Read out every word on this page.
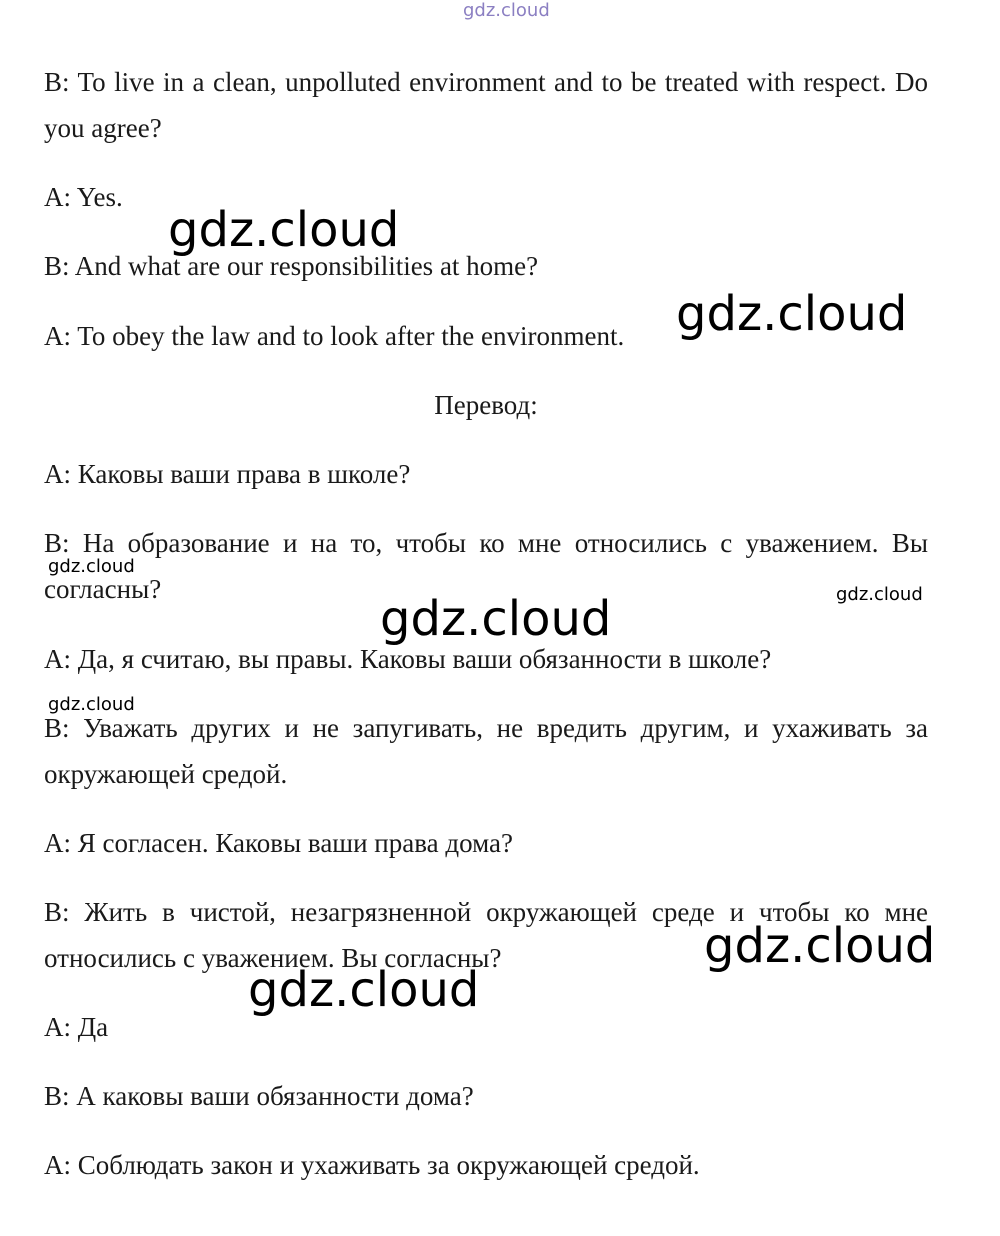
B: To live in a clean, unpolluted environment and to be treated with respect. Do you agree?

A: Yes.

B: And what are our responsibilities at home?

A: To obey the law and to look after the environment.

Перевод:

А: Каковы ваши права в школе?

В: На образование и на то, чтобы ко мне относились с уважением. Вы согласны?

А: Да, я считаю, вы правы. Каковы ваши обязанности в школе?

В: Уважать других и не запугивать, не вредить другим, и ухаживать за окружающей средой.

А: Я согласен. Каковы ваши права дома?

В: Жить в чистой, незагрязненной окружающей среде и чтобы ко мне относились с уважением. Вы согласны?

А: Да

В: А каковы ваши обязанности дома?

А: Соблюдать закон и ухаживать за окружающей средой.

gdz.cloud
gdz.cloud
gdz.cloud
gdz.cloud
gdz.cloud
gdz.cloud
gdz.cloud
gdz.cloud
gdz.cloud
